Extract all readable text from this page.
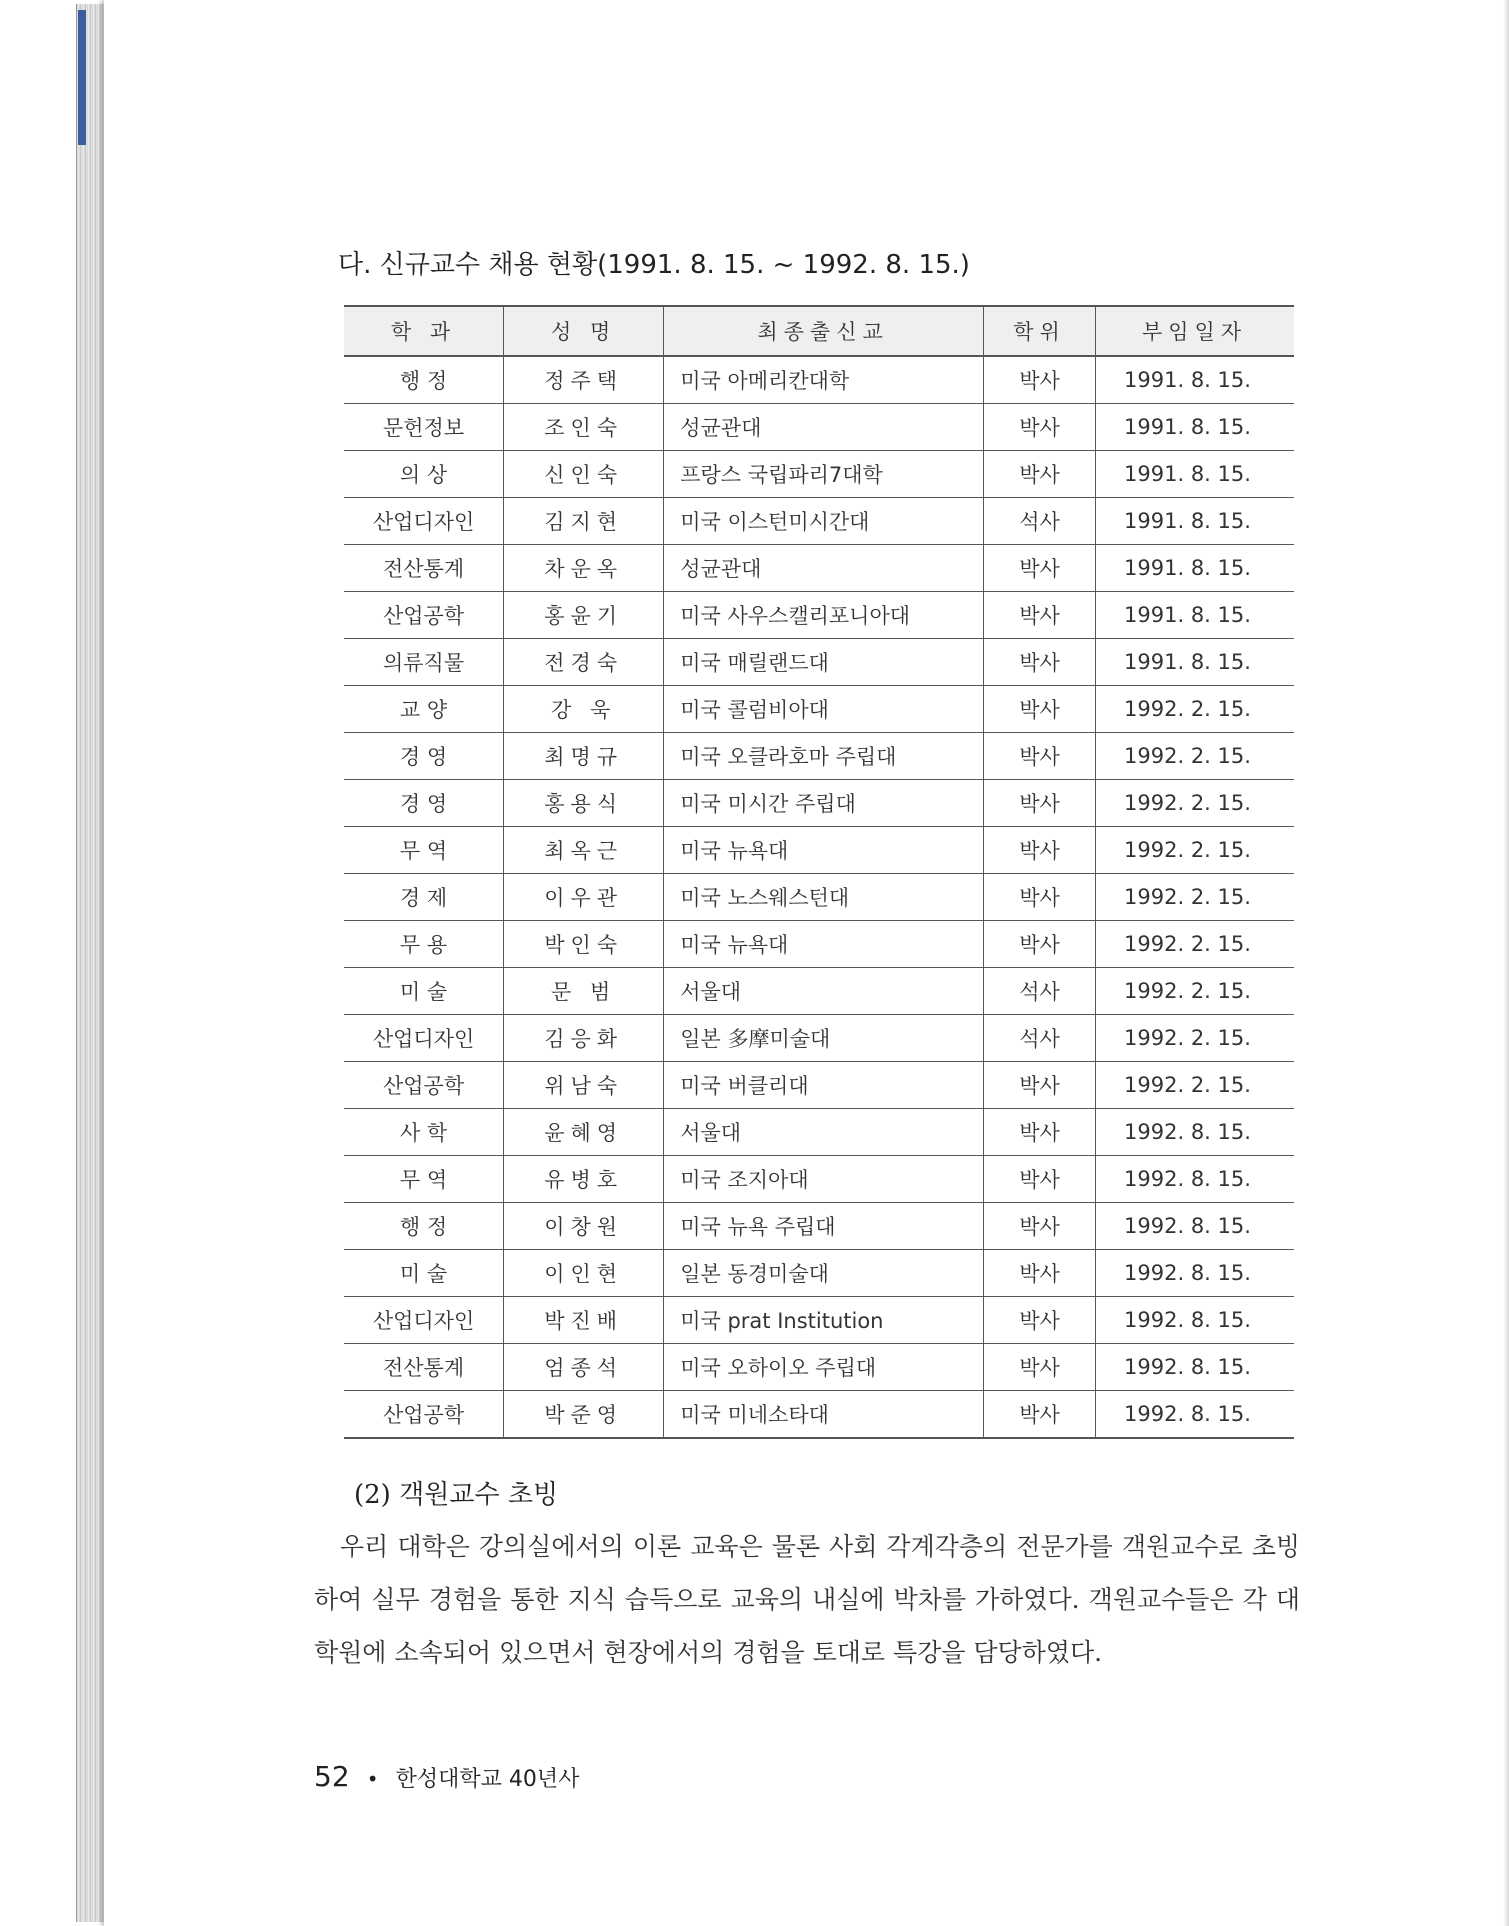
다. 신규교수 채용 현황(1991. 8. 15. ~ 1992. 8. 15.)
학 과	성 명	최종출신교	학위	부임일자
행 정	정주택	미국 아메리칸대학	박사	1991. 8. 15.
문헌정보	조인숙	성균관대	박사	1991. 8. 15.
의 상	신인숙	프랑스 국립파리7대학	박사	1991. 8. 15.
산업디자인	김지현	미국 이스턴미시간대	석사	1991. 8. 15.
전산통계	차운옥	성균관대	박사	1991. 8. 15.
산업공학	홍윤기	미국 사우스캘리포니아대	박사	1991. 8. 15.
의류직물	전경숙	미국 매릴랜드대	박사	1991. 8. 15.
교 양	강 욱	미국 콜럼비아대	박사	1992. 2. 15.
경 영	최명규	미국 오클라호마 주립대	박사	1992. 2. 15.
경 영	홍용식	미국 미시간 주립대	박사	1992. 2. 15.
무 역	최옥근	미국 뉴욕대	박사	1992. 2. 15.
경 제	이우관	미국 노스웨스턴대	박사	1992. 2. 15.
무 용	박인숙	미국 뉴욕대	박사	1992. 2. 15.
미 술	문 범	서울대	석사	1992. 2. 15.
산업디자인	김응화	일본 多摩미술대	석사	1992. 2. 15.
산업공학	위남숙	미국 버클리대	박사	1992. 2. 15.
사 학	윤혜영	서울대	박사	1992. 8. 15.
무 역	유병호	미국 조지아대	박사	1992. 8. 15.
행 정	이창원	미국 뉴욕 주립대	박사	1992. 8. 15.
미 술	이인현	일본 동경미술대	박사	1992. 8. 15.
산업디자인	박진배	미국 prat Institution	박사	1992. 8. 15.
전산통계	엄종석	미국 오하이오 주립대	박사	1992. 8. 15.
산업공학	박준영	미국 미네소타대	박사	1992. 8. 15.
(2) 객원교수 초빙
우리 대학은 강의실에서의 이론 교육은 물론 사회 각계각층의 전문가를 객원교수로 초빙하여 실무 경험을 통한 지식 습득으로 교육의 내실에 박차를 가하였다. 객원교수들은 각 대학원에 소속되어 있으면서 현장에서의 경험을 토대로 특강을 담당하였다.
52 • 한성대학교 40년사
